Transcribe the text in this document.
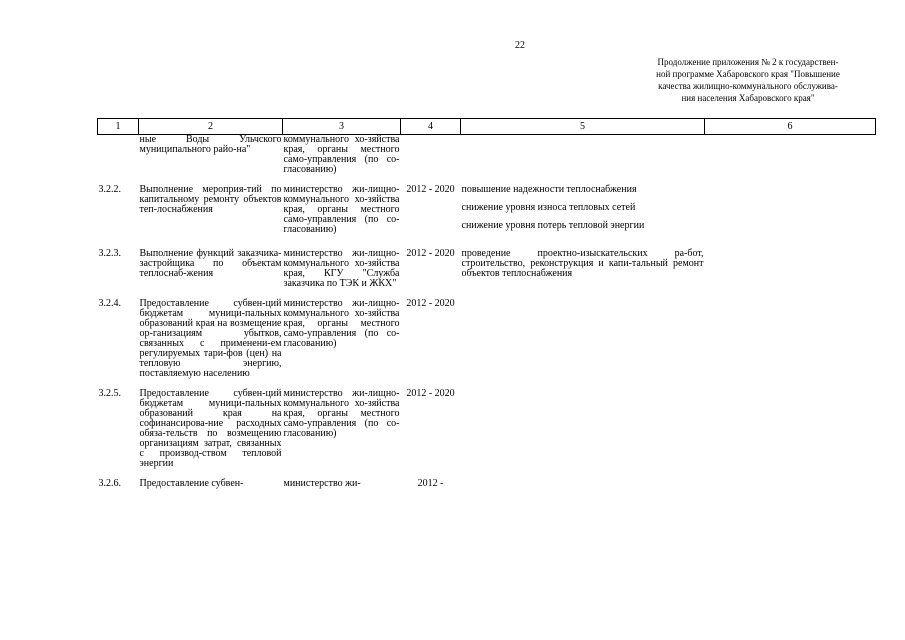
22
Продолжение приложения № 2 к государствен-
ной программе Хабаровского края "Повышение
качества жилищно-коммунального обслужива-
ния населения Хабаровского края"
1	2	3	4	5	6
	ные Воды Ульчского муниципального райо-на"	коммунального хо-зяйства края, органы местного само-управления (по со-гласованию)			
3.2.2.	Выполнение мероприя-тий по капитальному ремонту объектов теп-лоснабжения	министерство жи-лищно-коммунального хо-зяйства края, органы местного само-управления (по со-гласованию)	2012 - 2020	повышение надежности теплоснабжения
снижение уровня износа тепловых сетей
снижение уровня потерь тепловой энергии	

3.2.3.	Выполнение функций заказчика-застройщика по объектам теплоснаб-жения	министерство жи-лищно-коммунального хо-зяйства края, КГУ "Служба заказчика по ТЭК и ЖКХ"	2012 - 2020	проведение проектно-изыскательских ра-бот, строительство, реконструкция и капи-тальный ремонт объектов теплоснабжения	
3.2.4.	Предоставление субвен-ций бюджетам муници-пальных образований края на возмещение ор-ганизациям убытков, связанных с применени-ем регулируемых тари-фов (цен) на тепловую энергию, поставляемую населению	министерство жи-лищно-коммунального хо-зяйства края, органы местного само-управления (по со-гласованию)	2012 - 2020		
3.2.5.	Предоставление субвен-ций бюджетам муници-пальных образований края на софинансирова-ние расходных обяза-тельств по возмещению организациям затрат, связанных с производ-ством тепловой энергии	министерство жи-лищно-коммунального хо-зяйства края, органы местного само-управления (по со-гласованию)	2012 - 2020		
3.2.6.	Предоставление субвен-	министерство жи-	2012 -		
